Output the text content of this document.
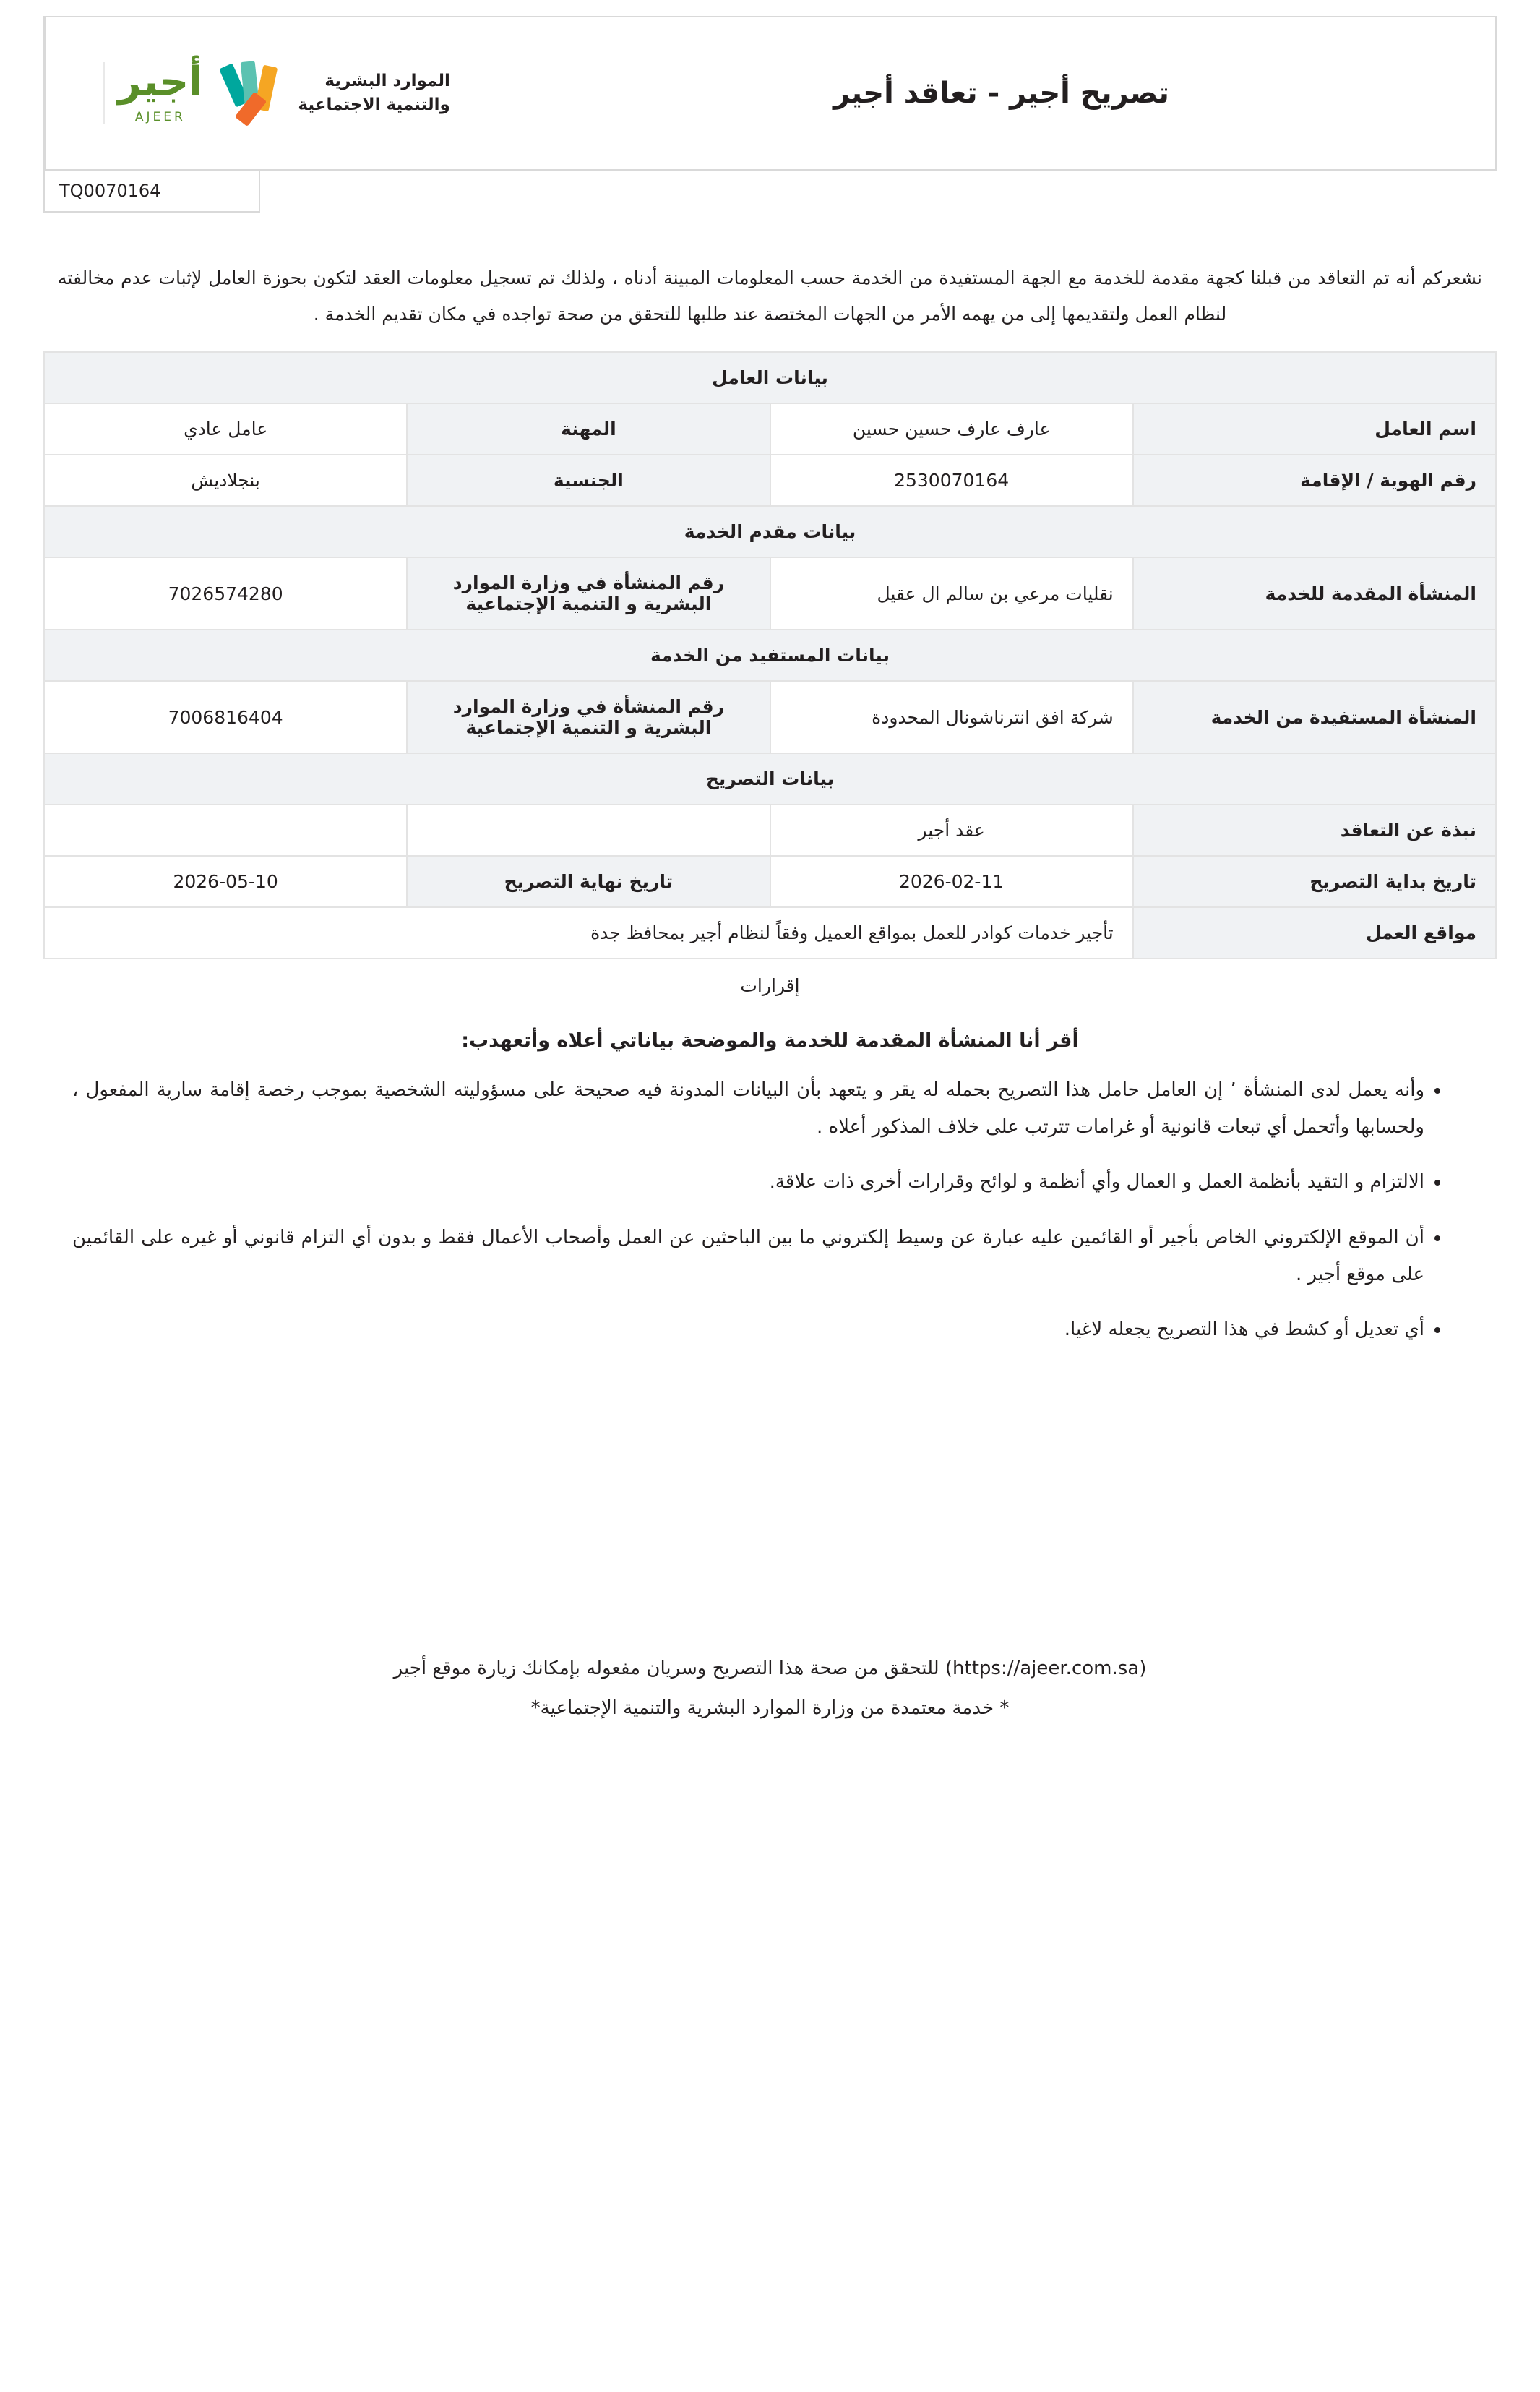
الموارد البشرية
والتنمية الاجتماعية
أجير
AJEER
تصريح أجير - تعاقد أجير
TQ0070164
نشعركم أنه تم التعاقد من قبلنا كجهة مقدمة للخدمة مع الجهة المستفيدة من الخدمة حسب المعلومات المبينة أدناه ، ولذلك تم تسجيل معلومات العقد لتكون بحوزة العامل لإثبات عدم مخالفته لنظام العمل ولتقديمها إلى من يهمه الأمر من الجهات المختصة عند طلبها للتحقق من صحة تواجده في مكان تقديم الخدمة .
بيانات العامل			
اسم العامل	عارف عارف حسين حسين	المهنة	عامل عادي
رقم الهوية / الإقامة	2530070164	الجنسية	بنجلاديش
بيانات مقدم الخدمة			
المنشأة المقدمة للخدمة	نقليات مرعي بن سالم ال عقيل	رقم المنشأة في وزارة الموارد البشرية و التنمية الإجتماعية	7026574280
بيانات المستفيد من الخدمة			
المنشأة المستفيدة من الخدمة	شركة افق انترناشونال المحدودة	رقم المنشأة في وزارة الموارد البشرية و التنمية الإجتماعية	7006816404
بيانات التصريح			
نبذة عن التعاقد	عقد أجير		
تاريخ بداية التصريح	2026-02-11	تاريخ نهاية التصريح	2026-05-10
مواقع العمل	تأجير خدمات كوادر للعمل بمواقع العميل وفقاً لنظام أجير بمحافظ جدة		
إقرارات
أقر أنا المنشأة المقدمة للخدمة والموضحة بياناتي أعلاه وأتعهد‏ب:
• وأنه يعمل لدى المنشأة ’ إن العامل حامل هذا التصريح بحمله له يقر و يتعهد بأن البيانات المدونة فيه صحيحة على مسؤوليته الشخصية بموجب رخصة إقامة سارية المفعول ، ولحسابها وأتحمل أي تبعات قانونية أو غرامات تترتب على خلاف المذكور أعلاه .
• الالتزام و التقيد بأنظمة العمل و العمال وأي أنظمة و لوائح وقرارات أخرى ذات علاقة.
• أن الموقع الإلكتروني الخاص بأجير أو القائمين عليه عبارة عن وسيط إلكتروني ما بين الباحثين عن العمل وأصحاب الأعمال فقط و بدون أي التزام قانوني أو غيره على القائمين على موقع أجير .
• أي تعديل أو كشط في هذا التصريح يجعله لاغيا.
(https://ajeer.com.sa) للتحقق من صحة هذا التصريح وسريان مفعوله بإمكانك زيارة موقع أجير
* خدمة معتمدة من وزارة الموارد البشرية والتنمية الإجتماعية*
